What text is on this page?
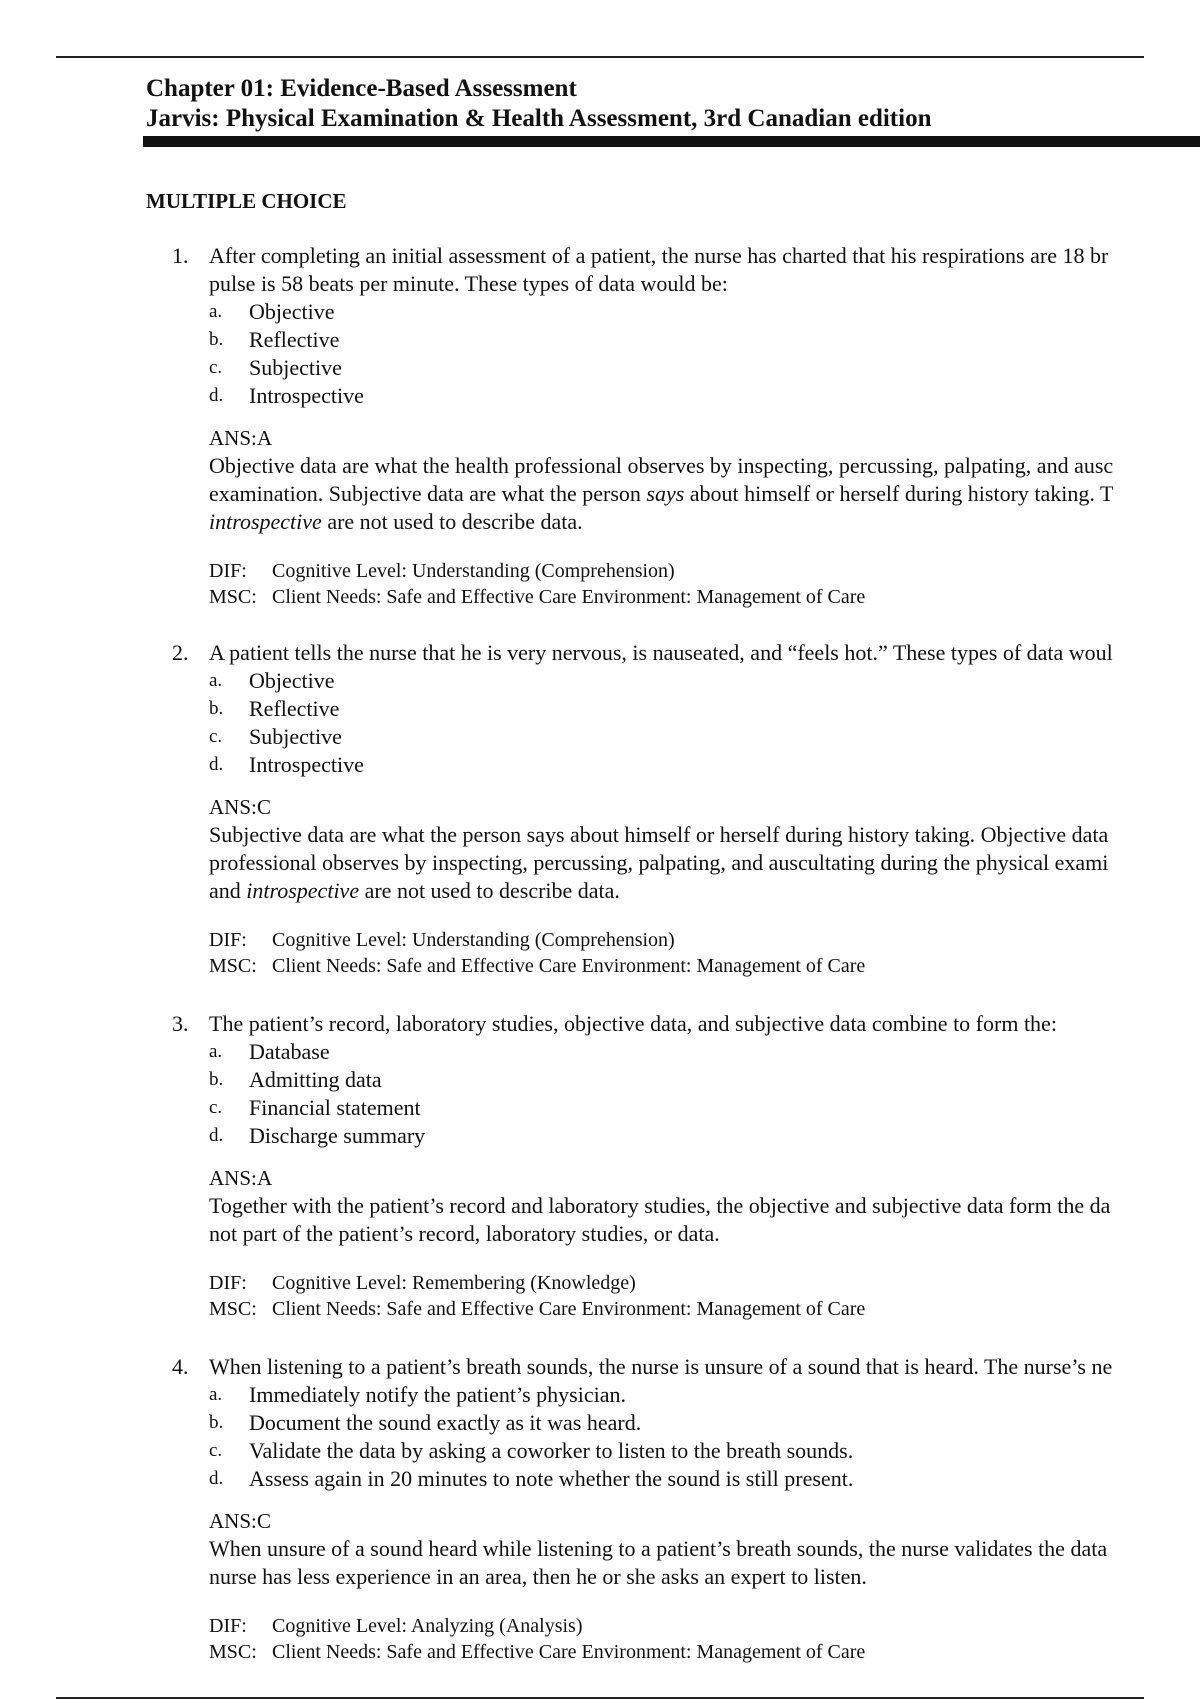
Chapter 01: Evidence-Based Assessment
Jarvis: Physical Examination & Health Assessment, 3rd Canadian edition
MULTIPLE CHOICE
1. After completing an initial assessment of a patient, the nurse has charted that his respirations are 18 br
pulse is 58 beats per minute. These types of data would be:
a.	Objective
b.	Reflective
c.	Subjective
d.	Introspective
ANS:A
Objective data are what the health professional observes by inspecting, percussing, palpating, and ausc
examination. Subjective data are what the person says about himself or herself during history taking. T
introspective are not used to describe data.
DIF:	Cognitive Level: Understanding (Comprehension)
MSC: Client Needs: Safe and Effective Care Environment: Management of Care
2. A patient tells the nurse that he is very nervous, is nauseated, and “feels hot.” These types of data woul
a.	Objective
b.	Reflective
c.	Subjective
d.	Introspective
ANS:C
Subjective data are what the person says about himself or herself during history taking. Objective data
professional observes by inspecting, percussing, palpating, and auscultating during the physical exami
and introspective are not used to describe data.
DIF:	Cognitive Level: Understanding (Comprehension)
MSC: Client Needs: Safe and Effective Care Environment: Management of Care
3. The patient’s record, laboratory studies, objective data, and subjective data combine to form the:
a.	Database
b.	Admitting data
c.	Financial statement
d.	Discharge summary
ANS:A
Together with the patient’s record and laboratory studies, the objective and subjective data form the da
not part of the patient’s record, laboratory studies, or data.
DIF:	Cognitive Level: Remembering (Knowledge)
MSC: Client Needs: Safe and Effective Care Environment: Management of Care
4. When listening to a patient’s breath sounds, the nurse is unsure of a sound that is heard. The nurse’s ne
a.	Immediately notify the patient’s physician.
b.	Document the sound exactly as it was heard.
c.	Validate the data by asking a coworker to listen to the breath sounds.
d.	Assess again in 20 minutes to note whether the sound is still present.
ANS:C
When unsure of a sound heard while listening to a patient’s breath sounds, the nurse validates the data
nurse has less experience in an area, then he or she asks an expert to listen.
DIF:	Cognitive Level: Analyzing (Analysis)
MSC: Client Needs: Safe and Effective Care Environment: Management of Care
